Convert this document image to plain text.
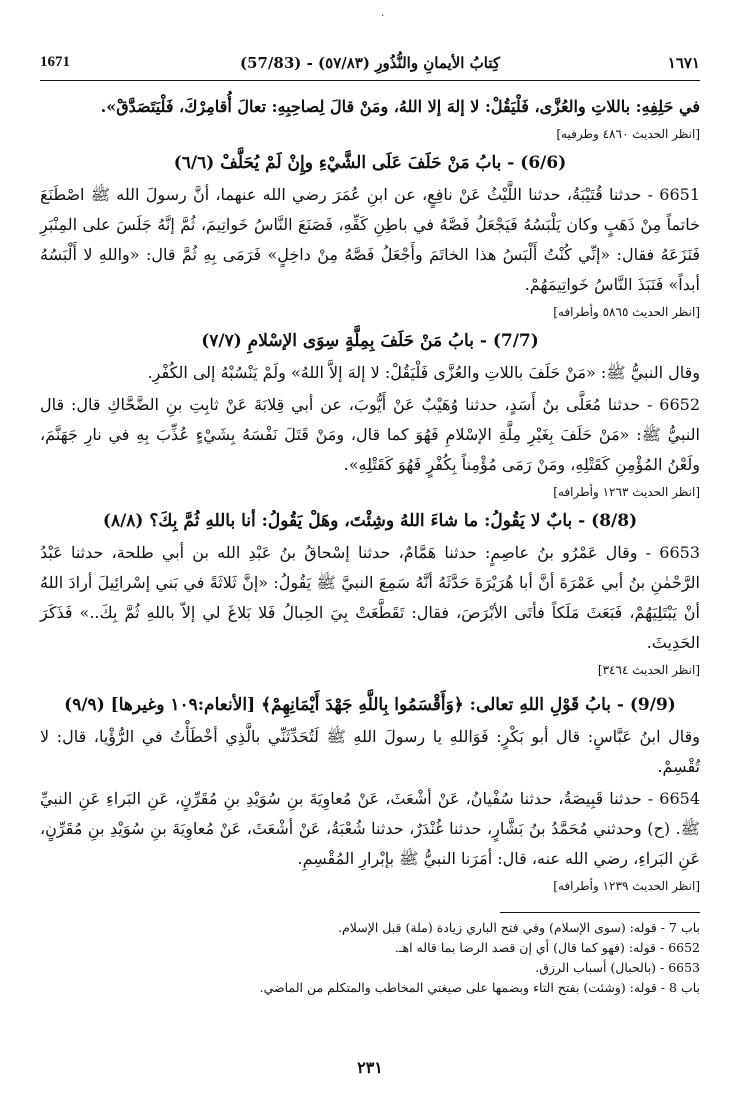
٠
1671	(57/83) - كِتابُ الأيمانِ والنُّذُورِ (٥٧/٨٣)	١٦٧١

في حَلِفِهِ: باللاتِ والعُزَّى، فَلْيَقُلْ: لا إلهَ إلا اللهُ، ومَنْ قالَ لِصاحِبِهِ: تعالَ أُقامِرْكَ، فَلْيَتَصَدَّقْ».

[انظر الحديث ٤٨٦٠ وطرفيه]
(6/6) - بابُ مَنْ حَلَفَ عَلَى الشَّيْءِ وإِنْ لَمْ يُحَلَّفْ (٦/٦)

6651 - حدثنا قُتَيْبَةُ، حدثنا اللَّيْثُ عَنْ نافِعٍ، عن ابنِ عُمَرَ رضي الله عنهما، أنَّ رسولَ الله ﷺ اصْطَنَعَ خاتماً مِنْ ذَهَبٍ وكان يَلْبَسُهُ فَيَجْعَلُ فَصَّهُ في باطِنِ كَفِّهِ، فَصَنَعَ النَّاسُ خَواتِيمَ، ثُمَّ إنَّهُ جَلَسَ على المِنْبَرِ فَنَزَعَهُ فقال: «إنِّي كُنْتُ أَلْبَسُ هذا الخاتَمَ وأَجْعَلُ فَصَّهُ مِنْ داخِلٍ» فَرَمَى بِهِ ثُمَّ قال: «واللهِ لا أَلْبَسُهُ أبداً» فَنَبَذَ النَّاسُ خَواتِيمَهُمْ.

[انظر الحديث ٥٨٦٥ وأطرافه]
(7/7) - بابُ مَنْ حَلَفَ بِمِلَّةٍ سِوَى الإسْلامِ (٧/٧)

وقال النبيُّ ﷺ: «مَنْ حَلَفَ باللاتِ والعُزَّى فَلْيَقُلْ: لا إلهَ إلاَّ اللهُ» ولَمْ يَنْسُبْهُ إلى الكُفْرِ.

6652 - حدثنا مُعَلَّى بنُ أَسَدٍ، حدثنا وُهَيْبٌ عَنْ أَيُّوبَ، عن أبي قِلابَةَ عَنْ ثابِتِ بنِ الضَّحَّاكِ قال: قال النبيُّ ﷺ: «مَنْ حَلَفَ بِغَيْرِ مِلَّةِ الإسْلامِ فَهُوَ كما قال، ومَنْ قَتَلَ نَفْسَهُ بِشَيْءٍ عُذِّبَ بِهِ في نارِ جَهَنَّمَ، ولَعْنُ المُؤْمِنِ كَقَتْلِهِ، ومَنْ رَمَى مُؤْمِناً بِكُفْرٍ فَهُوَ كَقَتْلِهِ».

[انظر الحديث ١٢٦٣ وأطرافه]
(8/8) - بابٌ لا يَقُولُ: ما شاءَ اللهُ وشِئْتَ، وهَلْ يَقُولُ: أنا باللهِ ثُمَّ بِكَ؟ (٨/٨)

6653 - وقال عَمْرُو بنُ عاصِمٍ: حدثنا هَمَّامٌ، حدثنا إسْحاقُ بنُ عَبْدِ الله بن أبي طلحة، حدثنا عَبْدُ الرَّحْمٰنِ بنُ أبي عَمْرَةَ أنَّ أبا هُرَيْرَةَ حَدَّثَهُ أنَّهُ سَمِعَ النبيَّ ﷺ يَقُولُ: «إنَّ ثَلاثَةً في بَني إسْرائِيلَ أرادَ اللهُ أنْ يَبْتَلِيَهُمْ، فَبَعَثَ مَلَكاً فأتَى الأبْرَصَ، فقال: تَقَطَّعَتْ بِيَ الحِبالُ فَلا بَلاغَ لي إلاّ باللهِ ثُمَّ بِكَ..» فَذَكَرَ الحَدِيثَ.

[انظر الحديث ٣٤٦٤]
(9/9) - بابُ قَوْلِ اللهِ تعالى: ﴿وَأَقْسَمُوا بِاللَّهِ جَهْدَ أَيْمَانِهِمْ﴾ [الأنعام:١٠٩ وغيرها] (٩/٩)

وقال ابنُ عَبَّاسٍ: قال أبو بَكْرٍ: فَوَاللهِ يا رسولَ اللهِ ﷺ لَتُحَدِّثَنِّي بالَّذِي أخْطَأْتُ في الرُّؤْيا، قال: لا تُقْسِمْ.

6654 - حدثنا قَبِيصَةُ، حدثنا سُفْيانُ، عَنْ أشْعَثَ، عَنْ مُعاوِيَةَ بنِ سُوَيْدِ بنِ مُقَرِّنٍ، عَنِ البَراءِ عَنِ النبيِّ ﷺ. (ح) وحدثني مُحَمَّدُ بنُ بَشَّارٍ، حدثنا غُنْدَرٌ، حدثنا شُعْبَةُ، عَنْ أشْعَثَ، عَنْ مُعاوِيَةَ بنِ سُوَيْدِ بنِ مُقَرِّنٍ، عَنِ البَراءِ، رضي الله عنه، قال: أمَرَنا النبيُّ ﷺ بإبْرارِ المُقْسِمِ.

[انظر الحديث ١٢٣٩ وأطرافه]

باب 7 - قوله: (سوى الإسلام) وفي فتح الباري زيادة (ملة) قبل الإسلام.

6652 - قوله: (فهو كما قال) أي إن قصد الرضا بما قاله اهـ.

6653 - (بالحبال) أسباب الرزق.

باب 8 - قوله: (وشئت) بفتح التاء وبضمها على صيغتي المخاطب والمتكلم من الماضي.

٢٣١
